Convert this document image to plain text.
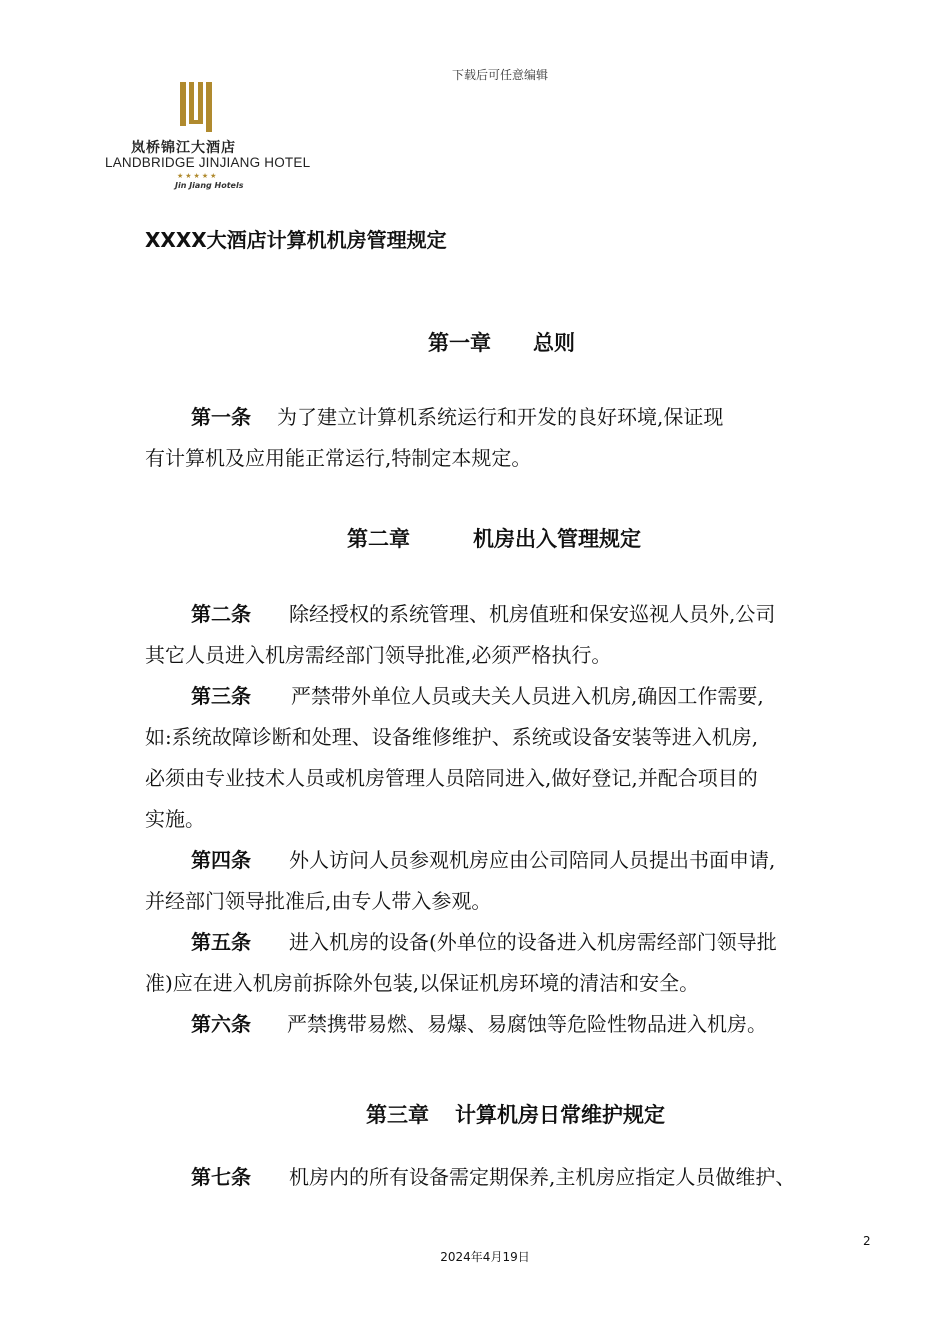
下载后可任意编辑
岚桥锦江大酒店
LANDBRIDGE JINJIANG HOTEL
★★★★★
Jin Jiang Hotels
XXXX大酒店计算机机房管理规定
第一章 总则
第一条 为了建立计算机系统运行和开发的良好环境,保证现
有计算机及应用能正常运行,特制定本规定。
第二章	机房出入管理规定
第二条 除经授权的系统管理、机房值班和保安巡视人员外,公司
其它人员进入机房需经部门领导批准,必须严格执行。
第三条 严禁带外单位人员或夫关人员进入机房,确因工作需要,
如:系统故障诊断和处理、设备维修维护、系统或设备安装等进入机房,
必须由专业技术人员或机房管理人员陪同进入,做好登记,并配合项目的
实施。
第四条 外人访问人员参观机房应由公司陪同人员提出书面申请,
并经部门领导批准后,由专人带入参观。
第五条 进入机房的设备(外单位的设备进入机房需经部门领导批
准)应在进入机房前拆除外包装,以保证机房环境的清洁和安全。
第六条 严禁携带易燃、易爆、易腐蚀等危险性物品进入机房。
第三章 计算机房日常维护规定
第七条 机房内的所有设备需定期保养,主机房应指定人员做维护、
2
2024年4月19日
